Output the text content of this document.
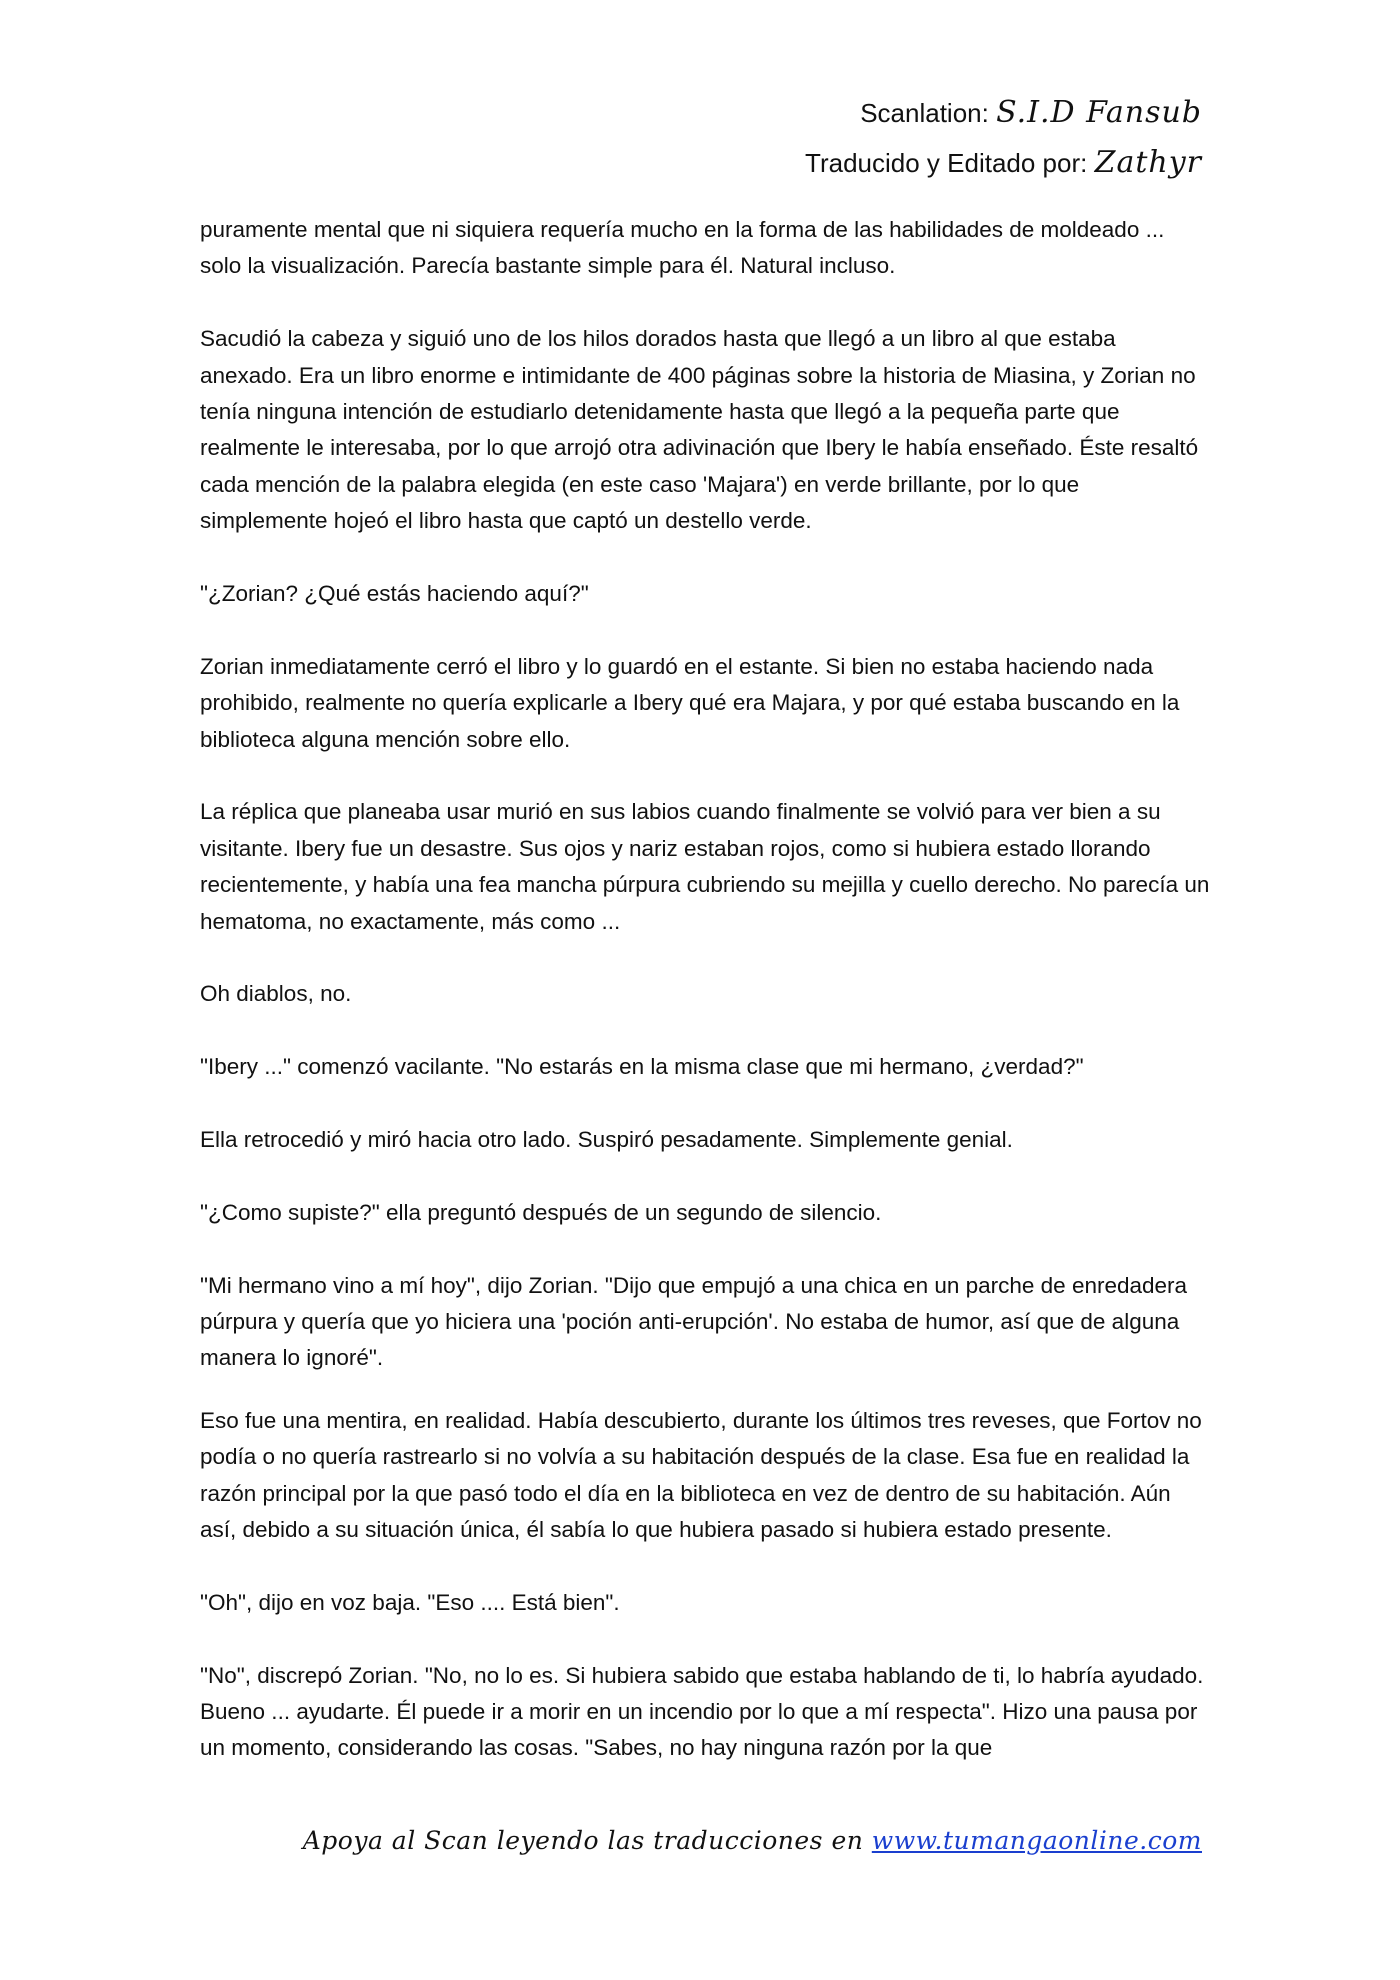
Scanlation: S.I.D Fansub
Traducido y Editado por: Zathyr

puramente mental que ni siquiera requería mucho en la forma de las habilidades de moldeado ... solo la visualización. Parecía bastante simple para él. Natural incluso.

Sacudió la cabeza y siguió uno de los hilos dorados hasta que llegó a un libro al que estaba anexado. Era un libro enorme e intimidante de 400 páginas sobre la historia de Miasina, y Zorian no tenía ninguna intención de estudiarlo detenidamente hasta que llegó a la pequeña parte que realmente le interesaba, por lo que arrojó otra adivinación que Ibery le había enseñado. Éste resaltó cada mención de la palabra elegida (en este caso 'Majara') en verde brillante, por lo que simplemente hojeó el libro hasta que captó un destello verde.

"¿Zorian? ¿Qué estás haciendo aquí?"

Zorian inmediatamente cerró el libro y lo guardó en el estante. Si bien no estaba haciendo nada prohibido, realmente no quería explicarle a Ibery qué era Majara, y por qué estaba buscando en la biblioteca alguna mención sobre ello.

La réplica que planeaba usar murió en sus labios cuando finalmente se volvió para ver bien a su visitante. Ibery fue un desastre. Sus ojos y nariz estaban rojos, como si hubiera estado llorando recientemente, y había una fea mancha púrpura cubriendo su mejilla y cuello derecho. No parecía un hematoma, no exactamente, más como ...

Oh diablos, no.

"Ibery ..." comenzó vacilante. "No estarás en la misma clase que mi hermano, ¿verdad?"

Ella retrocedió y miró hacia otro lado. Suspiró pesadamente. Simplemente genial.

"¿Como supiste?" ella preguntó después de un segundo de silencio.

"Mi hermano vino a mí hoy", dijo Zorian. "Dijo que empujó a una chica en un parche de enredadera púrpura y quería que yo hiciera una 'poción anti-erupción'. No estaba de humor, así que de alguna manera lo ignoré".

Eso fue una mentira, en realidad. Había descubierto, durante los últimos tres reveses, que Fortov no podía o no quería rastrearlo si no volvía a su habitación después de la clase. Esa fue en realidad la razón principal por la que pasó todo el día en la biblioteca en vez de dentro de su habitación. Aún así, debido a su situación única, él sabía lo que hubiera pasado si hubiera estado presente.

"Oh", dijo en voz baja. "Eso .... Está bien".

"No", discrepó Zorian. "No, no lo es. Si hubiera sabido que estaba hablando de ti, lo habría ayudado. Bueno ... ayudarte. Él puede ir a morir en un incendio por lo que a mí respecta". Hizo una pausa por un momento, considerando las cosas. "Sabes, no hay ninguna razón por la que

Apoya al Scan leyendo las traducciones en www.tumangaonline.com
